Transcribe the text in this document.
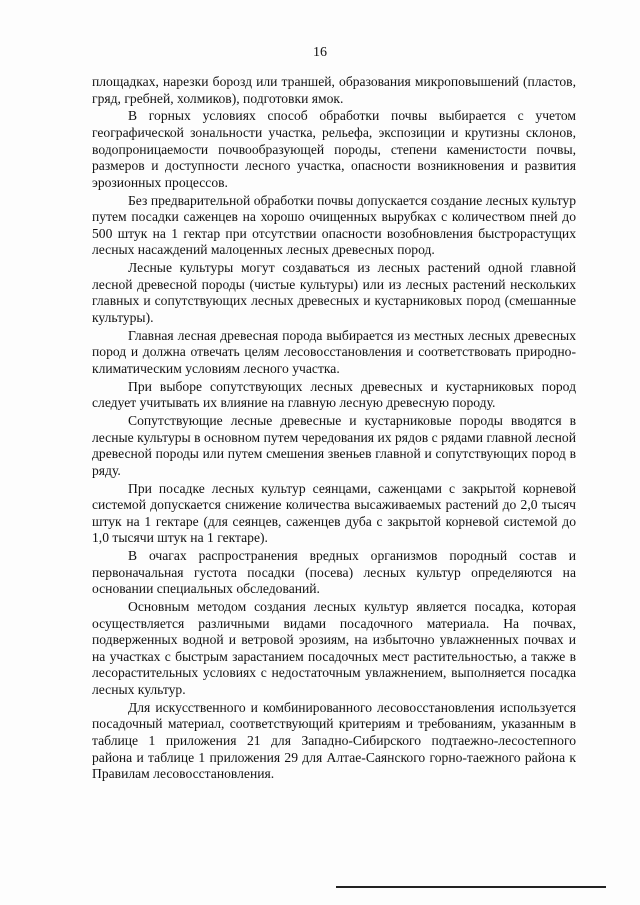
16

площадках, нарезки борозд или траншей, образования микроповышений (пластов, гряд, гребней, холмиков), подготовки ямок.

В горных условиях способ обработки почвы выбирается с учетом географической зональности участка, рельефа, экспозиции и крутизны склонов, водопроницаемости почвообразующей породы, степени каменистости почвы, размеров и доступности лесного участка, опасности возникновения и развития эрозионных процессов.

Без предварительной обработки почвы допускается создание лесных культур путем посадки саженцев на хорошо очищенных вырубках с количеством пней до 500 штук на 1 гектар при отсутствии опасности возобновления быстрорастущих лесных насаждений малоценных лесных древесных пород.

Лесные культуры могут создаваться из лесных растений одной главной лесной древесной породы (чистые культуры) или из лесных растений нескольких главных и сопутствующих лесных древесных и кустарниковых пород (смешанные культуры).

Главная лесная древесная порода выбирается из местных лесных древесных пород и должна отвечать целям лесовосстановления и соответствовать природно-климатическим условиям лесного участка.

При выборе сопутствующих лесных древесных и кустарниковых пород следует учитывать их влияние на главную лесную древесную породу.

Сопутствующие лесные древесные и кустарниковые породы вводятся в лесные культуры в основном путем чередования их рядов с рядами главной лесной древесной породы или путем смешения звеньев главной и сопутствующих пород в ряду.

При посадке лесных культур сеянцами, саженцами с закрытой корневой системой допускается снижение количества высаживаемых растений до 2,0 тысяч штук на 1 гектаре (для сеянцев, саженцев дуба с закрытой корневой системой до 1,0 тысячи штук на 1 гектаре).

В очагах распространения вредных организмов породный состав и первоначальная густота посадки (посева) лесных культур определяются на основании специальных обследований.

Основным методом создания лесных культур является посадка, которая осуществляется различными видами посадочного материала. На почвах, подверженных водной и ветровой эрозиям, на избыточно увлажненных почвах и на участках с быстрым зарастанием посадочных мест растительностью, а также в лесорастительных условиях с недостаточным увлажнением, выполняется посадка лесных культур.

Для искусственного и комбинированного лесовосстановления используется посадочный материал, соответствующий критериям и требованиям, указанным в таблице 1 приложения 21 для Западно-Сибирского подтаежно-лесостепного района и таблице 1 приложения 29 для Алтае-Саянского горно-таежного района к Правилам лесовосстановления.
